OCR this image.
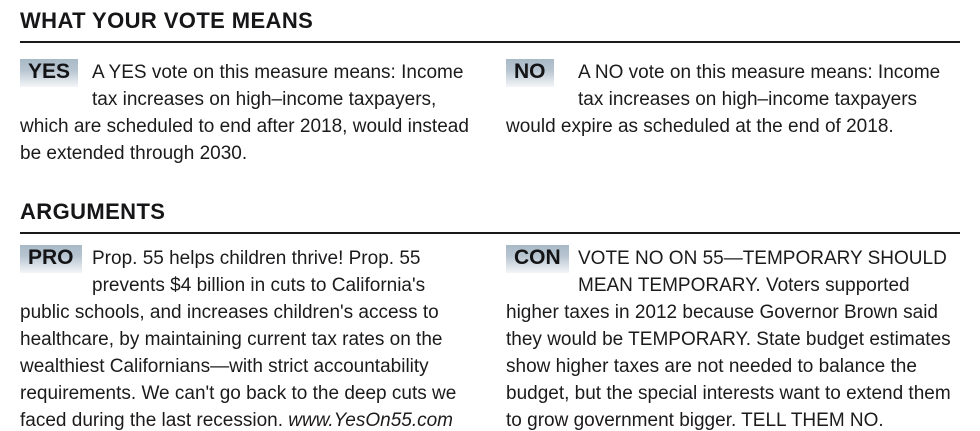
WHAT YOUR VOTE MEANS
YES	A YES vote on this measure means: Income tax increases on high–income taxpayers, which are scheduled to end after 2018, would instead be extended through 2030.

NO	A NO vote on this measure means: Income tax increases on high–income taxpayers would expire as scheduled at the end of 2018.

ARGUMENTS
PRO Prop. 55 helps children thrive! Prop. 55 prevents $4 billion in cuts to California's public schools, and increases children's access to healthcare, by maintaining current tax rates on the wealthiest Californians—with strict accountability requirements. We can't go back to the deep cuts we faced during the last recession. www.YesOn55.com

CON VOTE NO ON 55—TEMPORARY SHOULD MEAN TEMPORARY. Voters supported higher taxes in 2012 because Governor Brown said they would be TEMPORARY. State budget estimates show higher taxes are not needed to balance the budget, but the special interests want to extend them to grow government bigger. TELL THEM NO.
